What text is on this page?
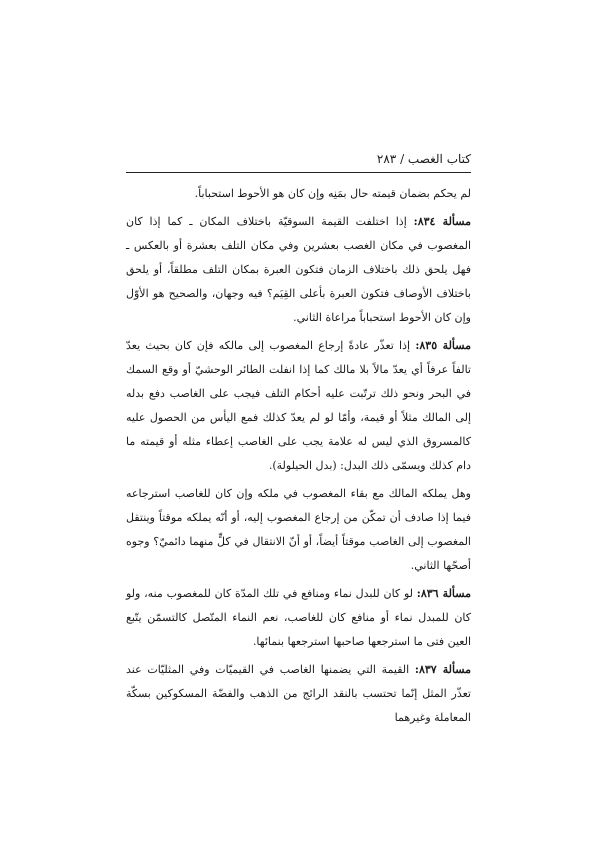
كتاب الغصب / ٢٨٣

لم يحكم بضمان قيمته حال بمَنِه وإن كان هو الأحوط استحباباً.

مسألة ٨٣٤: إذا اختلفت القيمة السوقيّة باختلاف المكان ـ كما إذا كان المغصوب في مكان الغصب بعشرين وفي مكان التلف بعشرة أو بالعكس ـ فهل يلحق ذلك باختلاف الزمان فتكون العبرة بمكان التلف مطلقاً، أو يلحق باختلاف الأوصاف فتكون العبرة بأعلى القِيَم؟ فيه وجهان، والصحيح هو الأوّل وإن كان الأحوط استحباباً مراعاة الثاني.

مسألة ٨٣٥: إذا تعذّر عادةً إرجاع المغصوب إلى مالكه فإن كان بحيث يعدّ تالفاً عرفاً أي يعدّ مالاً بلا مالك كما إذا انفلت الطائر الوحشيّ أو وقع السمك في البحر ونحو ذلك ترتّبت عليه أحكام التلف فيجب على الغاصب دفع بدله إلى المالك مثلاً أو قيمة، وأمّا لو لم يعدّ كذلك فمع اليأس من الحصول عليه كالمسروق الذي ليس له علامة يجب على الغاصب إعطاء مثله أو قيمته ما دام كذلك ويسمّى ذلك البدل: (بدل الحيلولة).

وهل يملكه المالك مع بقاء المغصوب في ملكه وإن كان للغاصب استرجاعه فيما إذا صادف أن تمكّن من إرجاع المغصوب إليه، أو أنّه يملكه موقتاً وينتقل المغصوب إلى الغاصب موقتاً أيضاً، أو أنّ الانتقال في كلٍّ منهما دائميّ؟ وجوه أصحّها الثاني.

مسألة ٨٣٦: لو كان للبدل نماء ومنافع في تلك المدّة كان للمغصوب منه، ولو كان للمبدل نماء أو منافع كان للغاصب، نعم النماء المتّصل كالتسمّن يتّبع العين فتى ما استرجعها صاحبها استرجعها بنمائها.

مسألة ٨٣٧: القيمة التي يضمنها الغاصب في القيميّات وفي المثليّات عند تعذّر المثل إنّما تحتسب بالنقد الرائج من الذهب والفضّة المسكوكين بسكّة المعاملة وغيرهما
